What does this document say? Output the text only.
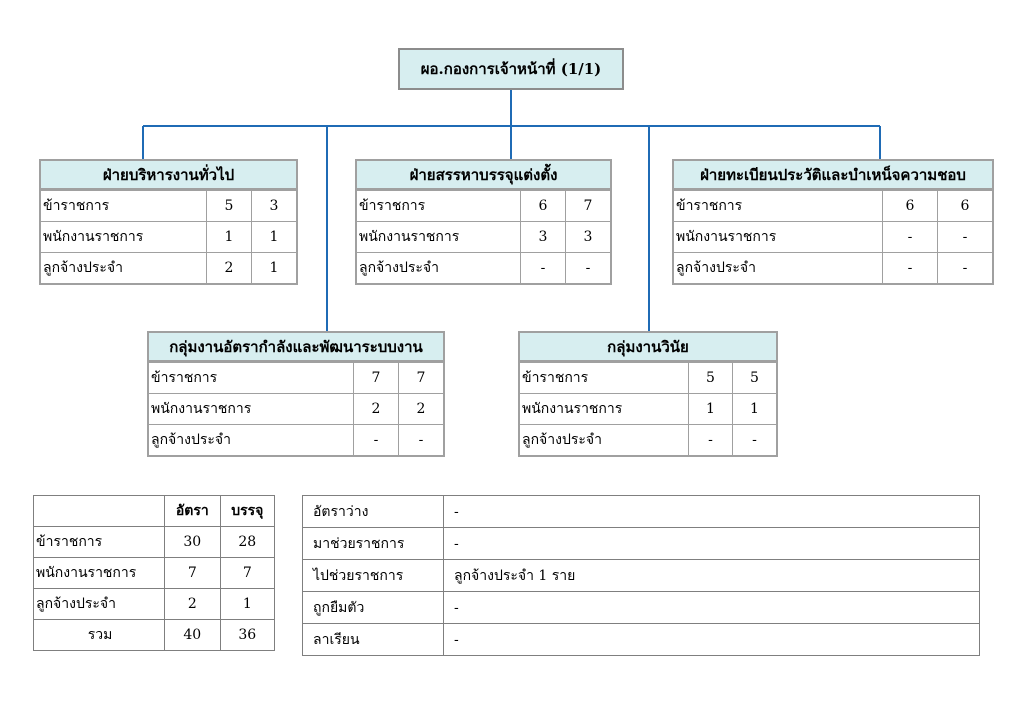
ผอ.กองการเจ้าหน้าที่ (1/1)
ฝ่ายบริหารงานทั่วไป
ข้าราชการ	5	3
พนักงานราชการ	1	1
ลูกจ้างประจำ	2	1
ฝ่ายสรรหาบรรจุแต่งตั้ง
ข้าราชการ	6	7
พนักงานราชการ	3	3
ลูกจ้างประจำ	-	-
ฝ่ายทะเบียนประวัติและบำเหน็จความชอบ
ข้าราชการ	6	6
พนักงานราชการ	-	-
ลูกจ้างประจำ	-	-
กลุ่มงานอัตรากำลังและพัฒนาระบบงาน
ข้าราชการ	7	7
พนักงานราชการ	2	2
ลูกจ้างประจำ	-	-
กลุ่มงานวินัย
ข้าราชการ	5	5
พนักงานราชการ	1	1
ลูกจ้างประจำ	-	-
	อัตรา	บรรจุ
ข้าราชการ	30	28
พนักงานราชการ	7	7
ลูกจ้างประจำ	2	1
รวม	40	36
อัตราว่าง	-
มาช่วยราชการ	-
ไปช่วยราชการ	ลูกจ้างประจำ 1 ราย
ถูกยืมตัว	-
ลาเรียน	-
